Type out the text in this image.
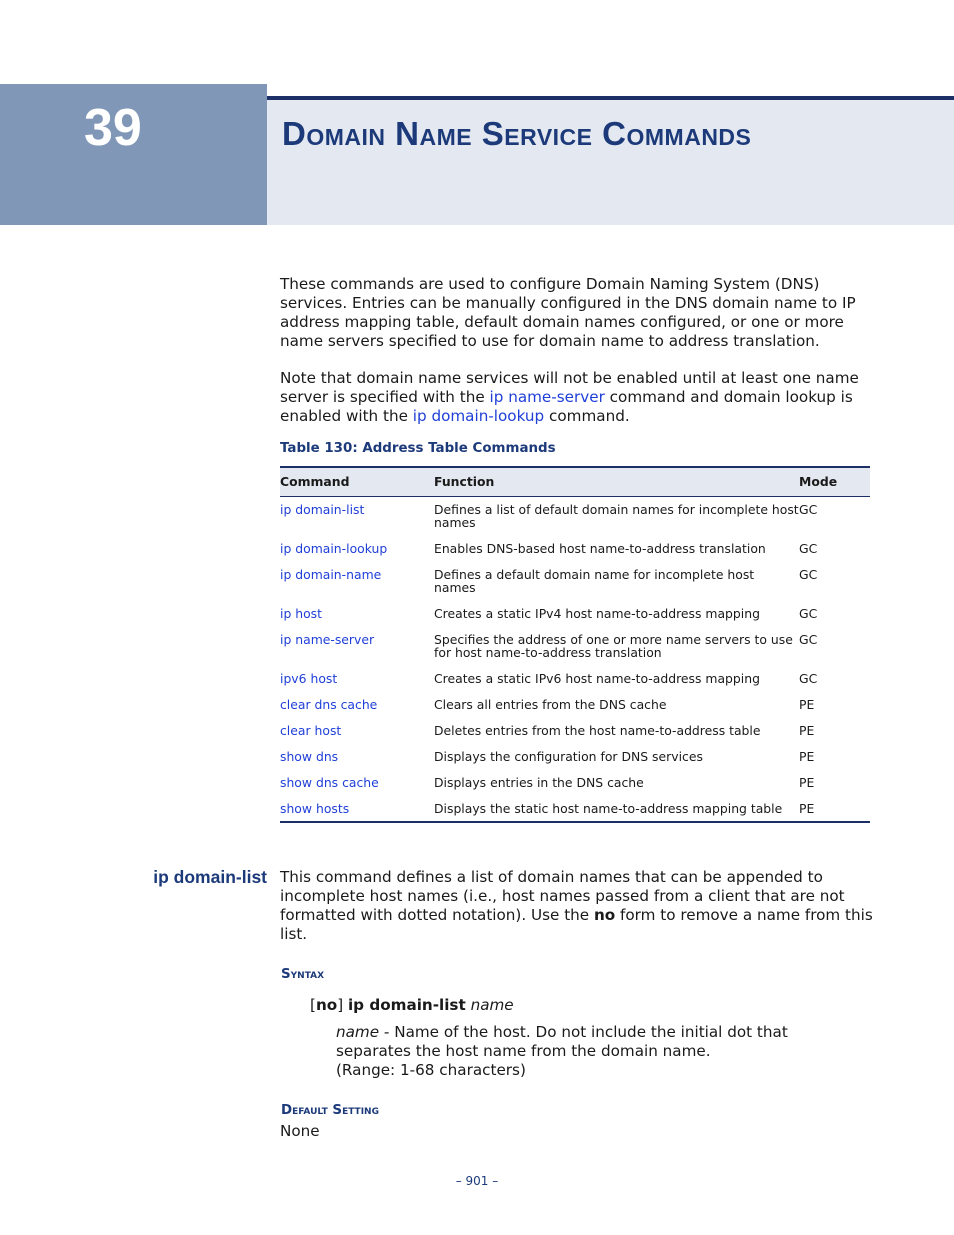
39	Domain Name Service Commands

These commands are used to configure Domain Naming System (DNS) services. Entries can be manually configured in the DNS domain name to IP address mapping table, default domain names configured, or one or more name servers specified to use for domain name to address translation.

Note that domain name services will not be enabled until at least one name server is specified with the ip name-server command and domain lookup is enabled with the ip domain-lookup command.

Table 130: Address Table Commands
Command	Function	Mode
ip domain-list	Defines a list of default domain names for incomplete host names	GC
ip domain-lookup	Enables DNS-based host name-to-address translation	GC
ip domain-name	Defines a default domain name for incomplete host names	GC
ip host	Creates a static IPv4 host name-to-address mapping	GC
ip name-server	Specifies the address of one or more name servers to use for host name-to-address translation	GC
ipv6 host	Creates a static IPv6 host name-to-address mapping	GC
clear dns cache	Clears all entries from the DNS cache	PE
clear host	Deletes entries from the host name-to-address table	PE
show dns	Displays the configuration for DNS services	PE
show dns cache	Displays entries in the DNS cache	PE
show hosts	Displays the static host name-to-address mapping table	PE
ip domain-list This command defines a list of domain names that can be appended to incomplete host names (i.e., host names passed from a client that are not formatted with dotted notation). Use the no form to remove a name from this list.

Syntax
[no] ip domain-list name

name - Name of the host. Do not include the initial dot that separates the host name from the domain name.
(Range: 1-68 characters)

Default Setting
None
– 901 –
